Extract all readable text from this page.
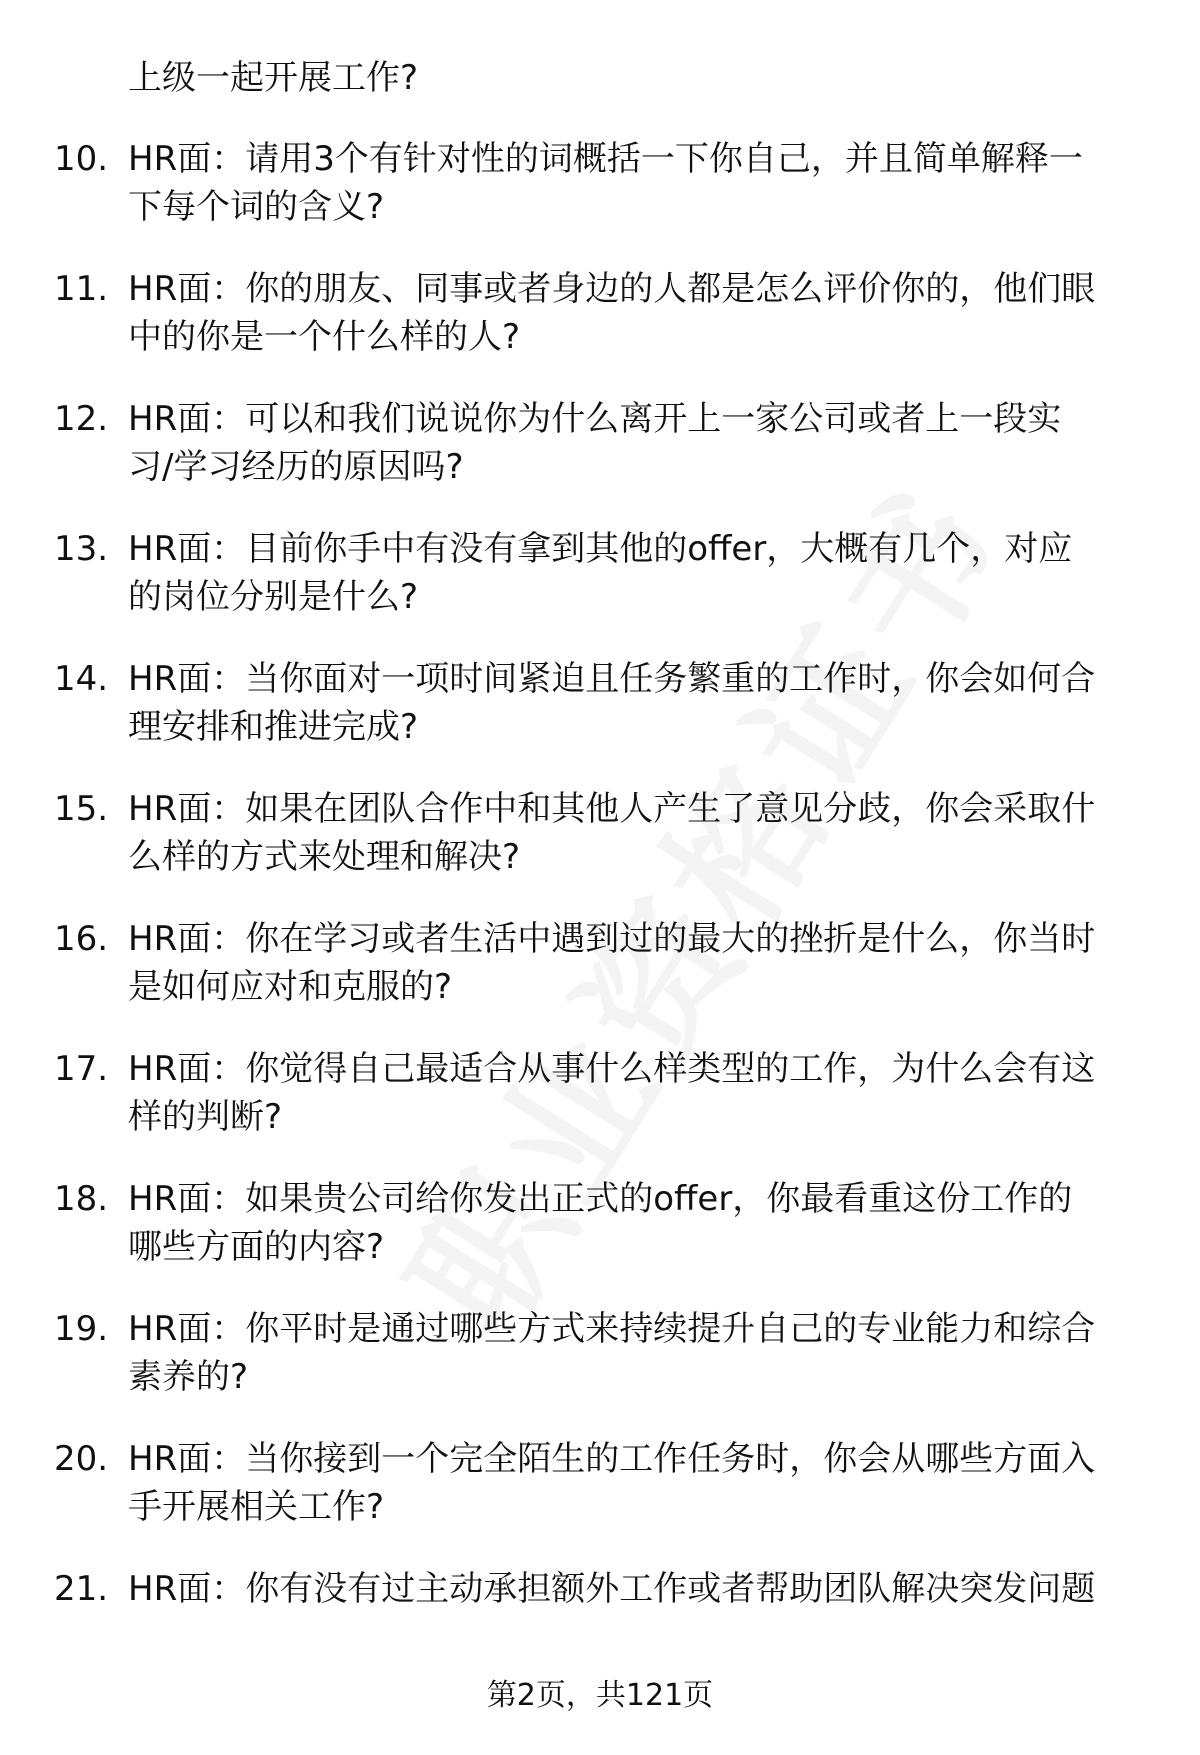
上级一起开展工作?
10. HR面：请用3个有针对性的词概括一下你自己，并且简单解释一
下每个词的含义?
11. HR面：你的朋友、同事或者身边的人都是怎么评价你的，他们眼
中的你是一个什么样的人?
12. HR面：可以和我们说说你为什么离开上一家公司或者上一段实
习/学习经历的原因吗?
13. HR面：目前你手中有没有拿到其他的offer，大概有几个，对应
的岗位分别是什么?
14. HR面：当你面对一项时间紧迫且任务繁重的工作时，你会如何合
理安排和推进完成?
15. HR面：如果在团队合作中和其他人产生了意见分歧，你会采取什
么样的方式来处理和解决?
16. HR面：你在学习或者生活中遇到过的最大的挫折是什么，你当时
是如何应对和克服的?
17. HR面：你觉得自己最适合从事什么样类型的工作，为什么会有这
样的判断?
18. HR面：如果贵公司给你发出正式的offer，你最看重这份工作的
哪些方面的内容?
19. HR面：你平时是通过哪些方式来持续提升自己的专业能力和综合
素养的?
20. HR面：当你接到一个完全陌生的工作任务时，你会从哪些方面入
手开展相关工作?
21. HR面：你有没有过主动承担额外工作或者帮助团队解决突发问题
第2页，共121页
